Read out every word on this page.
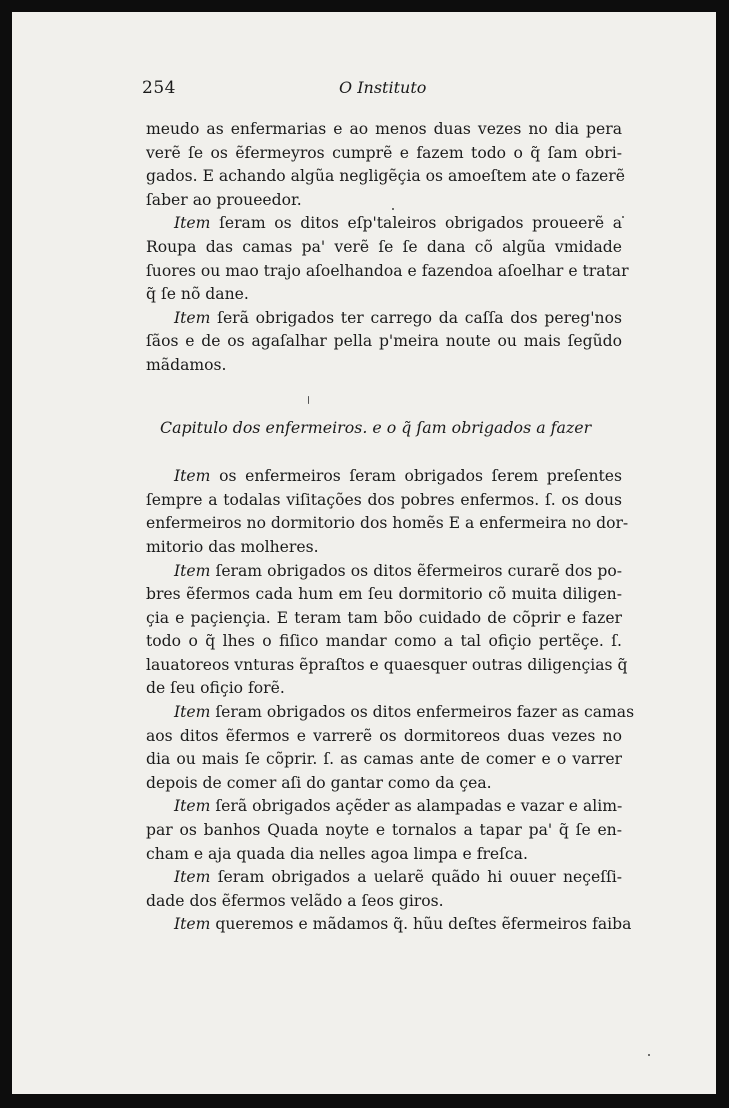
254	O Instituto
meudo as enfermarias e ao menos duas vezes no dia pera
verẽ ſe os ẽfermeyros cumprẽ e fazem todo o q̃ ſam obri-
gados. E achando algũa negligẽçia os amoeſtem ate o fazerẽ
ſaber ao proueedor.
Item ſeram os ditos eſp'taleiros obrigados proueerẽ a
Roupa das camas pa' verẽ ſe ſe dana cõ algũa vmidade
ſuores ou mao trajo aſoelhandoa e fazendoa aſoelhar e tratar
q̃ ſe nõ dane.
Item ſerã obrigados ter carrego da caſſa dos pereg'nos
ſãos e de os agaſalhar pella p'meira noute ou mais ſegũdo
mãdamos.
Capitulo dos enfermeiros. e o q̃ ſam obrigados a fazer
Item os enfermeiros ſeram obrigados ſerem preſentes
ſempre a todalas viſitações dos pobres enfermos. ſ. os dous
enfermeiros no dormitorio dos homẽs E a enfermeira no dor-
mitorio das molheres.
Item ſeram obrigados os ditos ẽfermeiros curarẽ dos po-
bres ẽfermos cada hum em ſeu dormitorio cõ muita diligen-
çia e paçiençia. E teram tam bõo cuidado de cõprir e fazer
todo o q̃ lhes o fiſico mandar como a tal ofiçio pertẽçe. ſ.
lauatoreos vnturas ẽpraſtos e quaesquer outras diligençias q̃
de ſeu ofiçio forẽ.
Item ſeram obrigados os ditos enfermeiros fazer as camas
aos ditos ẽfermos e varrerẽ os dormitoreos duas vezes no
dia ou mais ſe cõprir. ſ. as camas ante de comer e o varrer
depois de comer aſi do gantar como da çea.
Item ſerã obrigados açẽder as alampadas e vazar e alim-
par os banhos Quada noyte e tornalos a tapar pa' q̃ ſe en-
cham e aja quada dia nelles agoa limpa e freſca.
Item ſeram obrigados a uelarẽ quãdo hi ouuer neçeſſi-
dade dos ẽfermos velãdo a ſeos giros.
Item queremos e mãdamos q̃. hũu deſtes ẽfermeiros faiba
